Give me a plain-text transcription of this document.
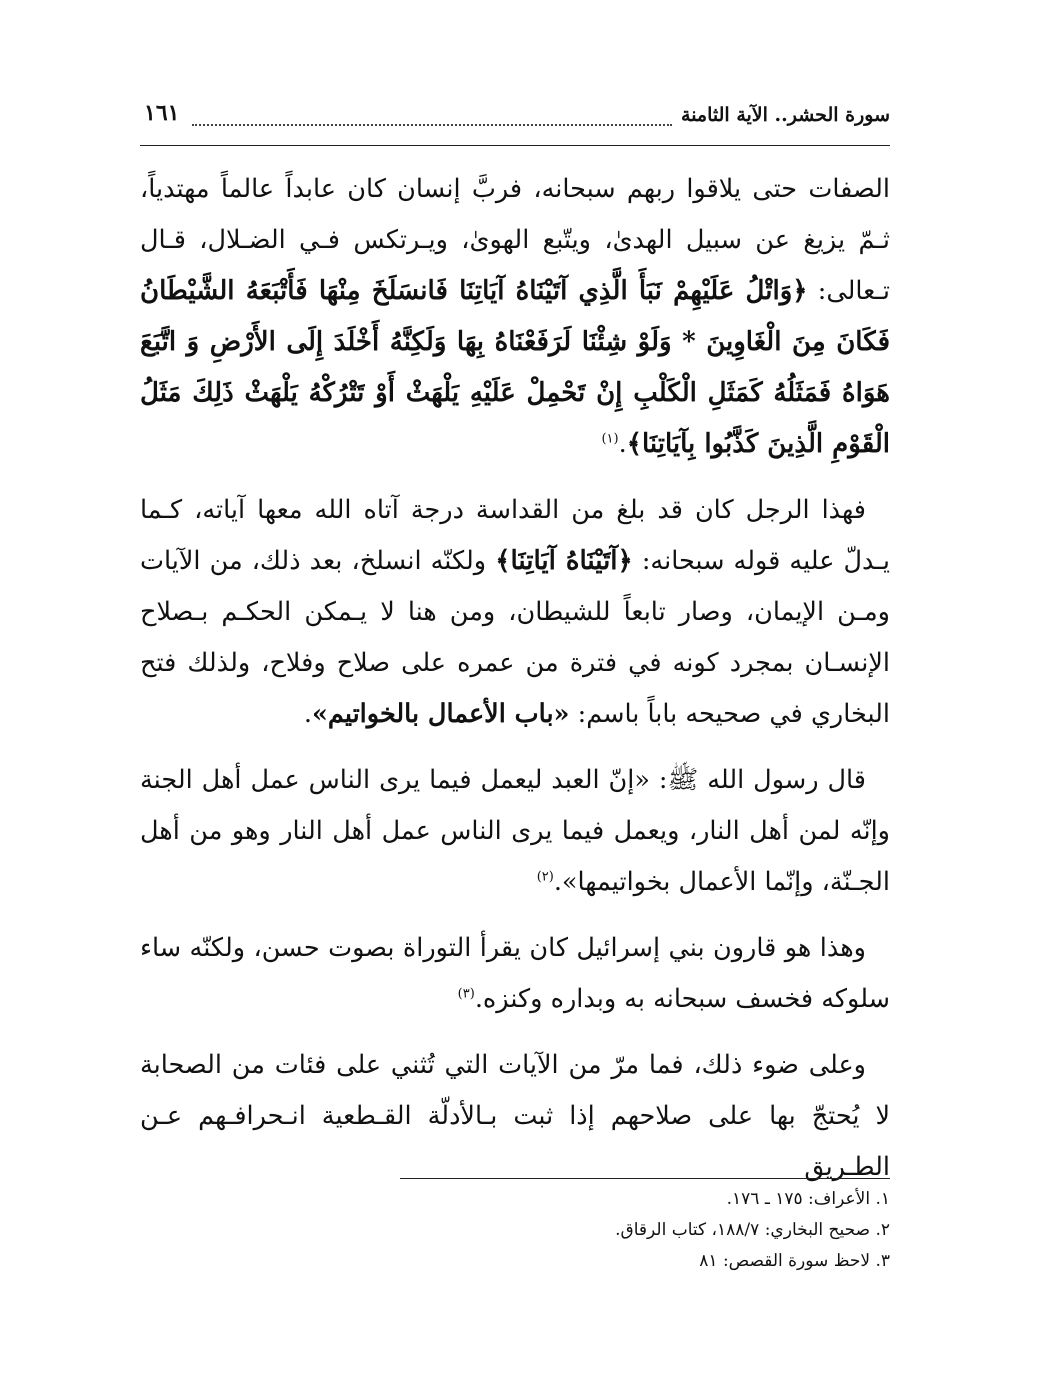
١٦١	سورة الحشر.. الآية الثامنة

الصفات حتى يلاقوا ربهم سبحانه، فربَّ إنسان كان عابداً عالماً مهتدياً، ثـمّ يزيغ عن سبيل الهدىٰ، ويتّبع الهوىٰ، ويـرتكس فـي الضـلال، قـال تـعالى: ﴿وَاتْلُ عَلَيْهِمْ نَبَأَ الَّذِي آتَيْنَاهُ آيَاتِنَا فَانسَلَخَ مِنْهَا فَأَتْبَعَهُ الشَّيْطَانُ فَكَانَ مِنَ الْغَاوِينَ * وَلَوْ شِئْنَا لَرَفَعْنَاهُ بِهَا وَلَكِنَّهُ أَخْلَدَ إِلَى الأَرْضِ وَ اتَّبَعَ هَوَاهُ فَمَثَلُهُ كَمَثَلِ الْكَلْبِ إِنْ تَحْمِلْ عَلَيْهِ يَلْهَثْ أَوْ تَتْرُكْهُ يَلْهَثْ ذَلِكَ مَثَلُ الْقَوْمِ الَّذِينَ كَذَّبُوا بِآيَاتِنَا﴾.$^{(١)}$

فهذا الرجل كان قد بلغ من القداسة درجة آتاه الله معها آياته، كـما يـدلّ عليه قوله سبحانه: ﴿آتَيْنَاهُ آيَاتِنَا﴾ ولكنّه انسلخ، بعد ذلك، من الآيات ومـن الإيمان، وصار تابعاً للشيطان، ومن هنا لا يـمكن الحكـم بـصلاح الإنسـان بمجرد كونه في فترة من عمره على صلاح وفلاح، ولذلك فتح البخاري في صحيحه باباً باسم: «باب الأعمال بالخواتيم».

قال رسول الله ﷺ: «إنّ العبد ليعمل فيما يرى الناس عمل أهل الجنة وإنّه لمن أهل النار، ويعمل فيما يرى الناس عمل أهل النار وهو من أهل الجـنّة، وإنّما الأعمال بخواتيمها».$^{(٢)}$

وهذا هو قارون بني إسرائيل كان يقرأ التوراة بصوت حسن، ولكنّه ساء سلوكه فخسف سبحانه به وبداره وكنزه.$^{(٣)}$

وعلى ضوء ذلك، فما مرّ من الآيات التي تُثني على فئات من الصحابة لا يُحتجّ بها على صلاحهم إذا ثبت بـالأدلّة القـطعية انـحرافـهم عـن الطـريق

١. الأعراف: ١٧٥ ـ ١٧٦.
٢. صحيح البخاري: ١٨٨/٧، كتاب الرقاق.
٣. لاحظ سورة القصص: ٨١
